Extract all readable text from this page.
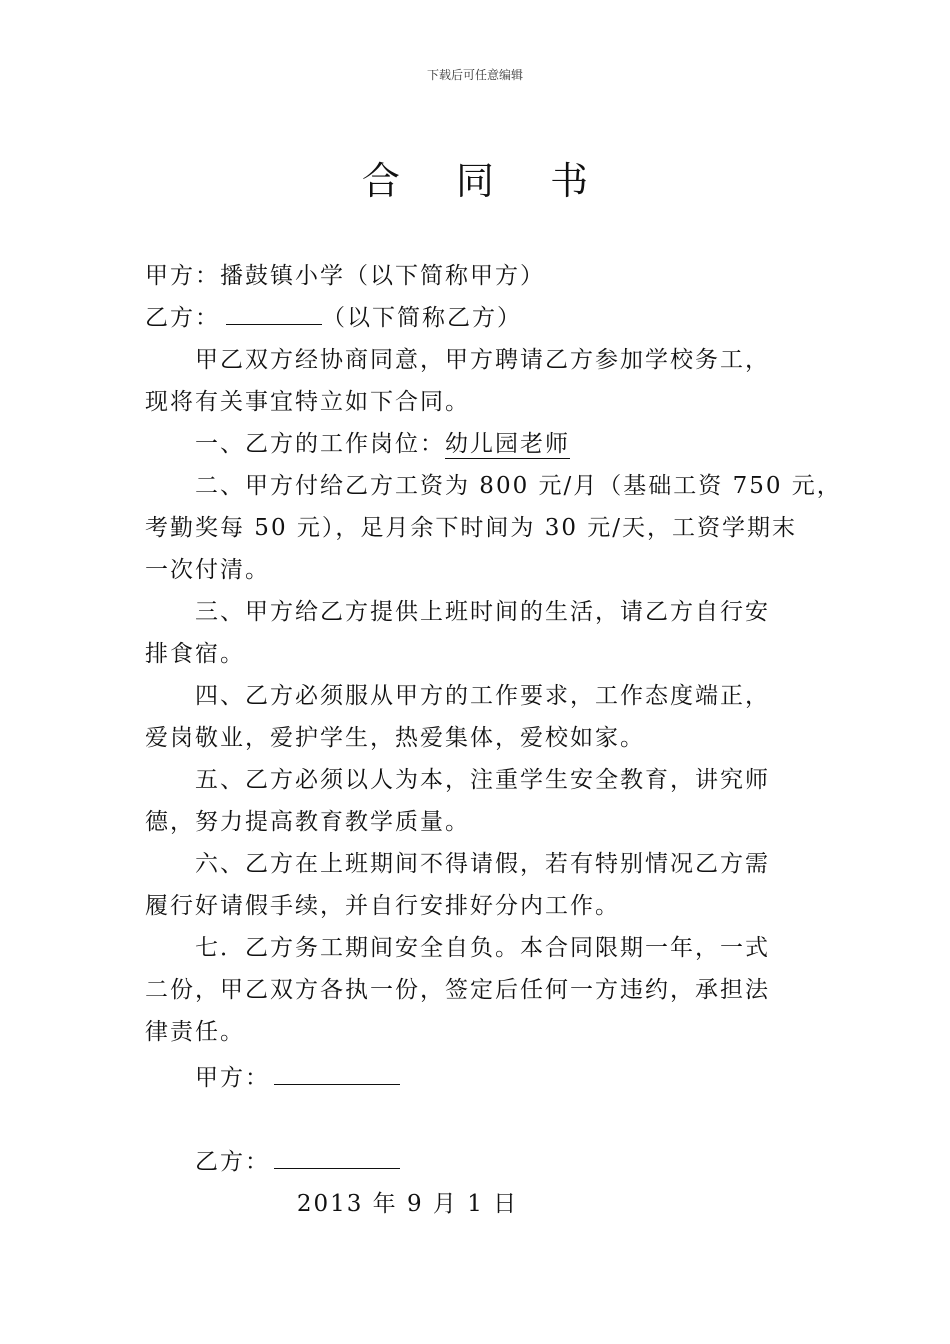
下载后可任意编辑
合 同 书
甲方：播鼓镇小学（以下简称甲方）
乙方：	（以下简称乙方）
甲乙双方经协商同意，甲方聘请乙方参加学校务工，
现将有关事宜特立如下合同。
一、乙方的工作岗位：幼儿园老师
二、甲方付给乙方工资为 800 元/月（基础工资 750 元，
考勤奖每 50 元），足月余下时间为 30 元/天，工资学期末
一次付清。
三、甲方给乙方提供上班时间的生活，请乙方自行安
排食宿。
四、乙方必须服从甲方的工作要求，工作态度端正，
爱岗敬业，爱护学生，热爱集体，爱校如家。
五、乙方必须以人为本，注重学生安全教育，讲究师
德，努力提高教育教学质量。
六、乙方在上班期间不得请假，若有特别情况乙方需
履行好请假手续，并自行安排好分内工作。
七．乙方务工期间安全自负。本合同限期一年，一式
二份，甲乙双方各执一份，签定后任何一方违约，承担法
律责任。
甲方：
乙方：
2013 年 9 月 1 日
